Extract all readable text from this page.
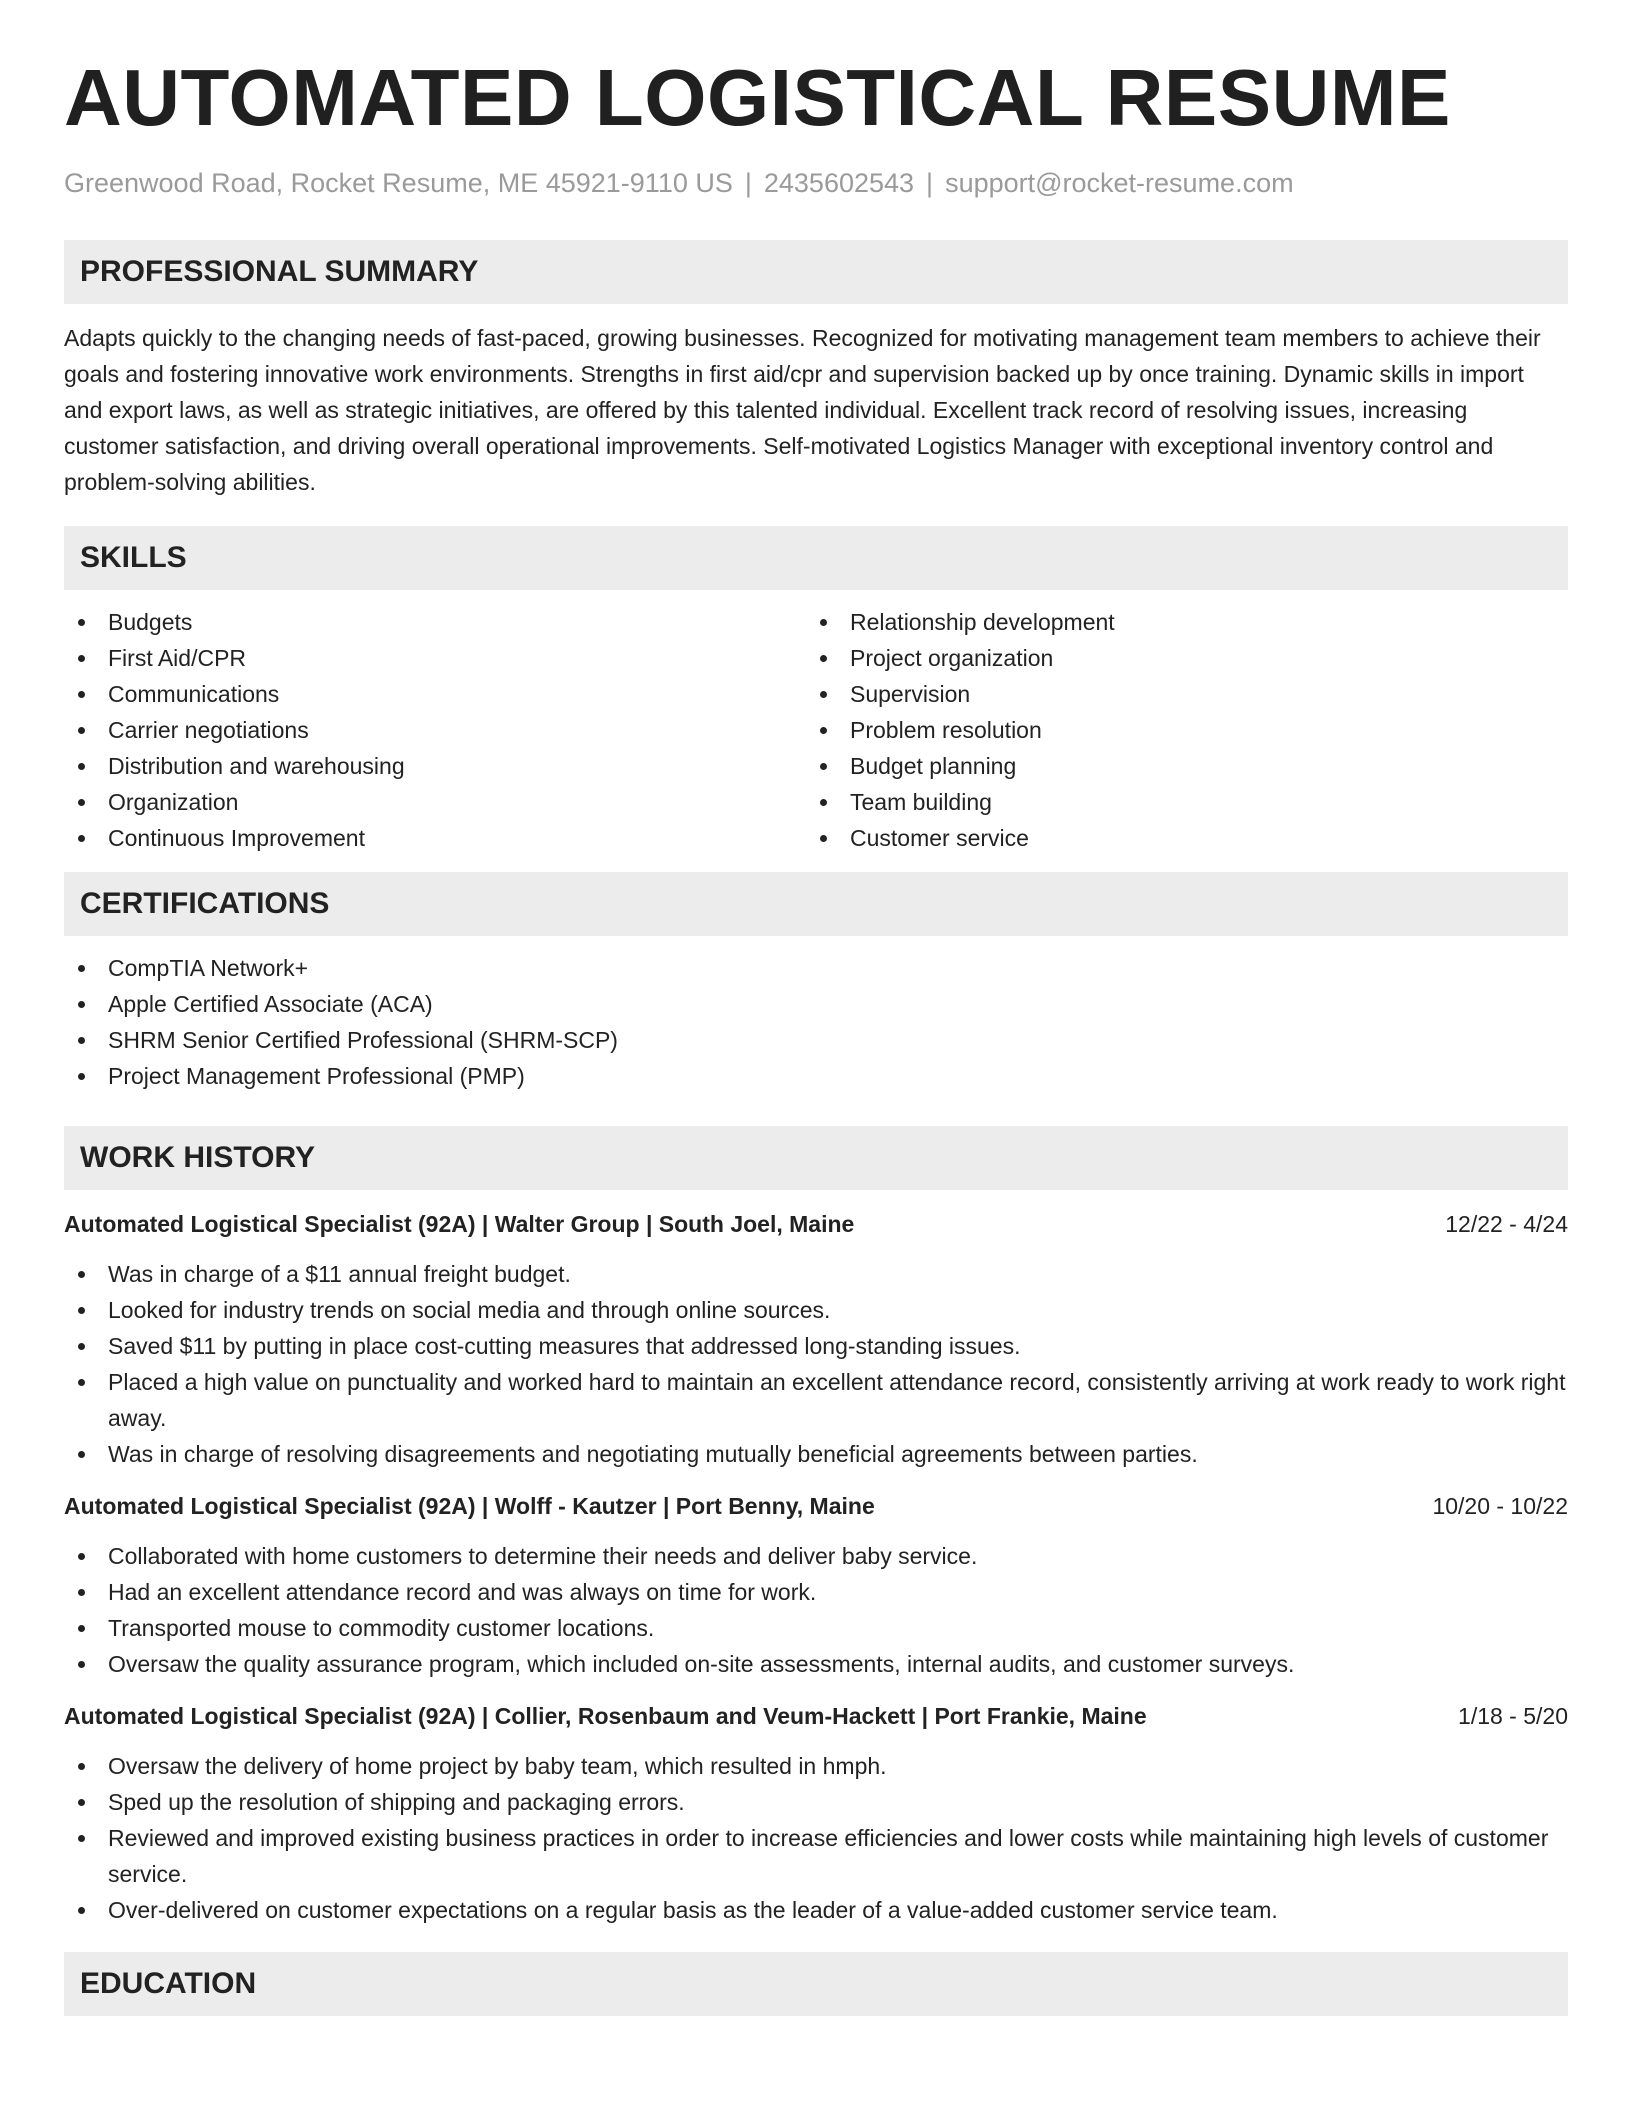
AUTOMATED LOGISTICAL RESUME
Greenwood Road, Rocket Resume, ME 45921-9110 US | 2435602543 | support@rocket-resume.com
PROFESSIONAL SUMMARY

Adapts quickly to the changing needs of fast-paced, growing businesses. Recognized for motivating management team members to achieve their goals and fostering innovative work environments. Strengths in first aid/cpr and supervision backed up by once training. Dynamic skills in import and export laws, as well as strategic initiatives, are offered by this talented individual. Excellent track record of resolving issues, increasing customer satisfaction, and driving overall operational improvements. Self-motivated Logistics Manager with exceptional inventory control and problem-solving abilities.

SKILLS
Budgets
First Aid/CPR
Communications
Carrier negotiations
Distribution and warehousing
Organization
Continuous Improvement
Relationship development
Project organization
Supervision
Problem resolution
Budget planning
Team building
Customer service
CERTIFICATIONS
CompTIA Network+
Apple Certified Associate (ACA)
SHRM Senior Certified Professional (SHRM-SCP)
Project Management Professional (PMP)
WORK HISTORY
Automated Logistical Specialist (92A) | Walter Group | South Joel, Maine	12/22 - 4/24
Was in charge of a $11 annual freight budget.
Looked for industry trends on social media and through online sources.
Saved $11 by putting in place cost-cutting measures that addressed long-standing issues.
Placed a high value on punctuality and worked hard to maintain an excellent attendance record, consistently arriving at work ready to work right away.
Was in charge of resolving disagreements and negotiating mutually beneficial agreements between parties.
Automated Logistical Specialist (92A) | Wolff - Kautzer | Port Benny, Maine	10/20 - 10/22
Collaborated with home customers to determine their needs and deliver baby service.
Had an excellent attendance record and was always on time for work.
Transported mouse to commodity customer locations.
Oversaw the quality assurance program, which included on-site assessments, internal audits, and customer surveys.
Automated Logistical Specialist (92A) | Collier, Rosenbaum and Veum-Hackett | Port Frankie, Maine	1/18 - 5/20
Oversaw the delivery of home project by baby team, which resulted in hmph.
Sped up the resolution of shipping and packaging errors.
Reviewed and improved existing business practices in order to increase efficiencies and lower costs while maintaining high levels of customer service.
Over-delivered on customer expectations on a regular basis as the leader of a value-added customer service team.
EDUCATION
